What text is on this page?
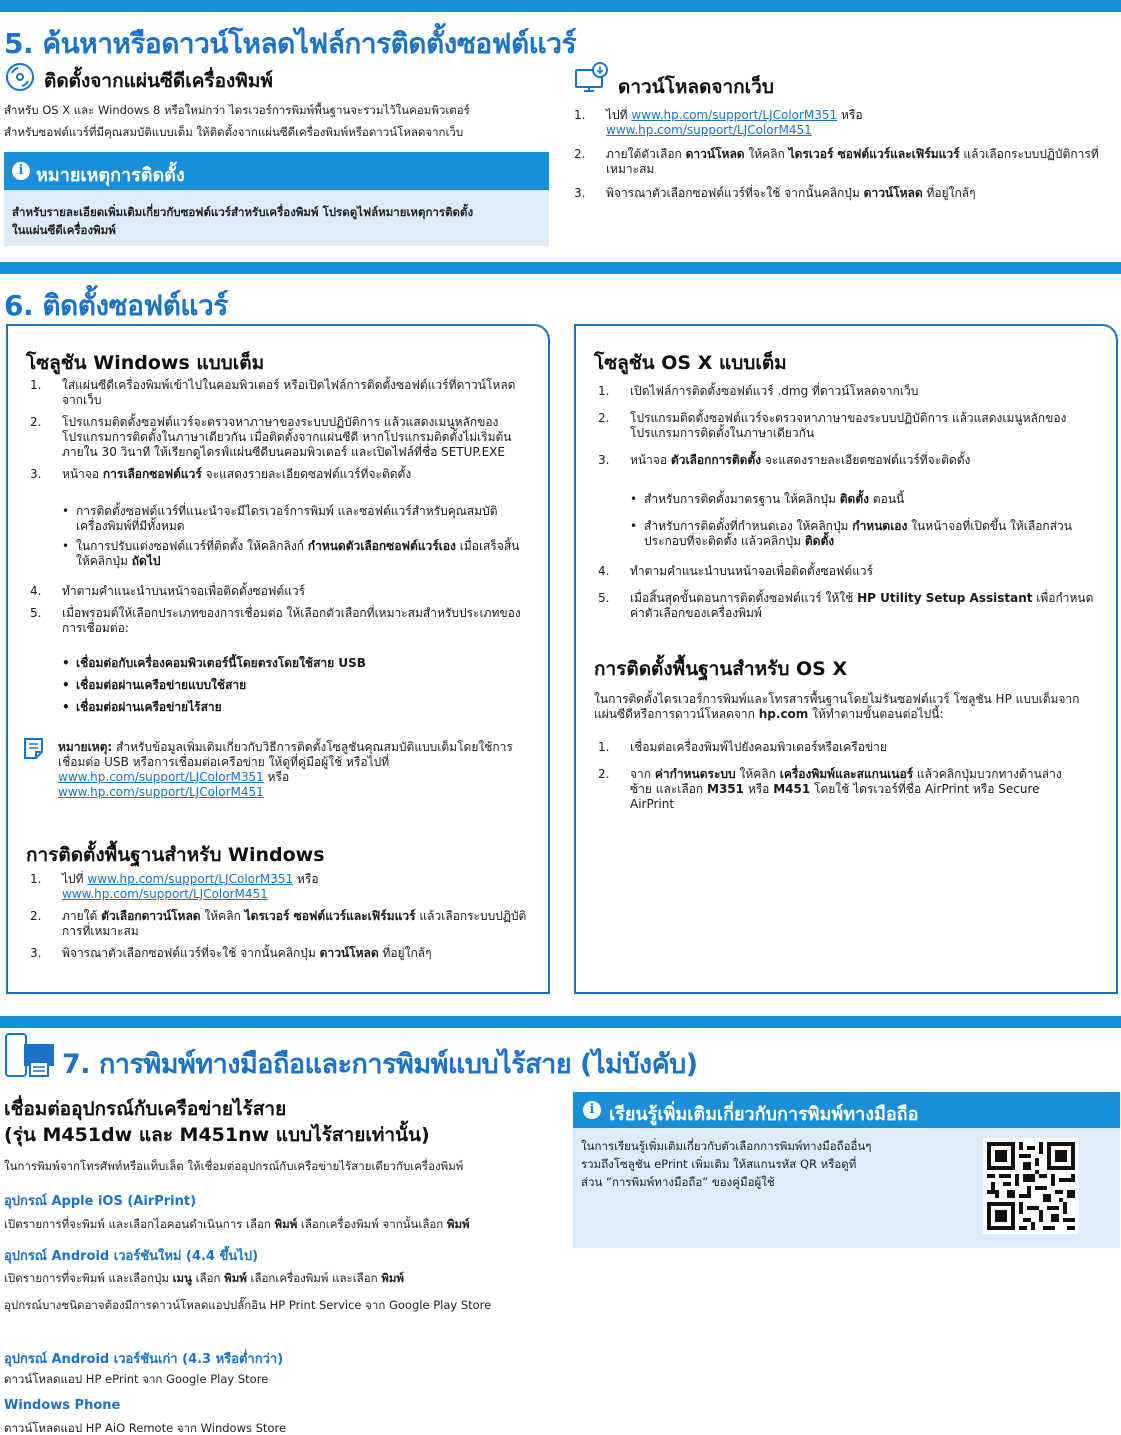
5. ค้นหาหรือดาวน์โหลดไฟล์การติดตั้งซอฟต์แวร์
ติดตั้งจากแผ่นซีดีเครื่องพิมพ์
สำหรับ OS X และ Windows 8 หรือใหม่กว่า ไดรเวอร์การพิมพ์พื้นฐานจะรวมไว้ในคอมพิวเตอร์
สำหรับซอฟต์แวร์ที่มีคุณสมบัติแบบเต็ม ให้ติดตั้งจากแผ่นซีดีเครื่องพิมพ์หรือดาวน์โหลดจากเว็บ
i หมายเหตุการติดตั้ง
สำหรับรายละเอียดเพิ่มเติมเกี่ยวกับซอฟต์แวร์สำหรับเครื่องพิมพ์ โปรดดูไฟล์หมายเหตุการติดตั้ง
ในแผ่นซีดีเครื่องพิมพ์
ดาวน์โหลดจากเว็บ
1. ไปที่ www.hp.com/support/LJColorM351 หรือ
www.hp.com/support/LJColorM451
2. ภายใต้ตัวเลือก ดาวน์โหลด ให้คลิก ไดรเวอร์ ซอฟต์แวร์และเฟิร์มแวร์ แล้วเลือกระบบปฏิบัติการที่เหมาะสม
3. พิจารณาตัวเลือกซอฟต์แวร์ที่จะใช้ จากนั้นคลิกปุ่ม ดาวน์โหลด ที่อยู่ใกล้ๆ
6. ติดตั้งซอฟต์แวร์
โซลูชัน Windows แบบเต็ม
1. ใส่แผ่นซีดีเครื่องพิมพ์เข้าไปในคอมพิวเตอร์ หรือเปิดไฟล์การติดตั้งซอฟต์แวร์ที่ดาวน์โหลดจากเว็บ
2. โปรแกรมติดตั้งซอฟต์แวร์จะตรวจหาภาษาของระบบปฏิบัติการ แล้วแสดงเมนูหลักของโปรแกรมการติดตั้งในภาษาเดียวกัน เมื่อติดตั้งจากแผ่นซีดี หากโปรแกรมติดตั้งไม่เริ่มต้นภายใน 30 วินาที ให้เรียกดูไดรฟ์แผ่นซีดีบนคอมพิวเตอร์ และเปิดไฟล์ที่ชื่อ SETUP.EXE
3. หน้าจอ การเลือกซอฟต์แวร์ จะแสดงรายละเอียดซอฟต์แวร์ที่จะติดตั้ง
• การติดตั้งซอฟต์แวร์ที่แนะนำจะมีไดรเวอร์การพิมพ์ และซอฟต์แวร์สำหรับคุณสมบัติเครื่องพิมพ์ที่มีทั้งหมด
• ในการปรับแต่งซอฟต์แวร์ที่ติดตั้ง ให้คลิกลิงก์ กำหนดตัวเลือกซอฟต์แวร์เอง เมื่อเสร็จสิ้น ให้คลิกปุ่ม ถัดไป
4. ทำตามคำแนะนำบนหน้าจอเพื่อติดตั้งซอฟต์แวร์
5. เมื่อพรอมต์ให้เลือกประเภทของการเชื่อมต่อ ให้เลือกตัวเลือกที่เหมาะสมสำหรับประเภทของการเชื่อมต่อ:
• เชื่อมต่อกับเครื่องคอมพิวเตอร์นี้โดยตรงโดยใช้สาย USB
• เชื่อมต่อผ่านเครือข่ายแบบใช้สาย
• เชื่อมต่อผ่านเครือข่ายไร้สาย
หมายเหตุ: สำหรับข้อมูลเพิ่มเติมเกี่ยวกับวิธีการติดตั้งโซลูชันคุณสมบัติแบบเต็มโดยใช้การเชื่อมต่อ USB หรือการเชื่อมต่อเครือข่าย ให้ดูที่คู่มือผู้ใช้ หรือไปที่
www.hp.com/support/LJColorM351 หรือ
www.hp.com/support/LJColorM451
การติดตั้งพื้นฐานสำหรับ Windows
1. ไปที่ www.hp.com/support/LJColorM351 หรือ
www.hp.com/support/LJColorM451
2. ภายใต้ ตัวเลือกดาวน์โหลด ให้คลิก ไดรเวอร์ ซอฟต์แวร์และเฟิร์มแวร์ แล้วเลือกระบบปฏิบัติการที่เหมาะสม
3. พิจารณาตัวเลือกซอฟต์แวร์ที่จะใช้ จากนั้นคลิกปุ่ม ดาวน์โหลด ที่อยู่ใกล้ๆ
โซลูชัน OS X แบบเต็ม
1. เปิดไฟล์การติดตั้งซอฟต์แวร์ .dmg ที่ดาวน์โหลดจากเว็บ
2. โปรแกรมติดตั้งซอฟต์แวร์จะตรวจหาภาษาของระบบปฏิบัติการ แล้วแสดงเมนูหลักของโปรแกรมการติดตั้งในภาษาเดียวกัน
3. หน้าจอ ตัวเลือกการติดตั้ง จะแสดงรายละเอียดซอฟต์แวร์ที่จะติดตั้ง
• สำหรับการติดตั้งมาตรฐาน ให้คลิกปุ่ม ติดตั้ง ตอนนี้
• สำหรับการติดตั้งที่กำหนดเอง ให้คลิกปุ่ม กำหนดเอง ในหน้าจอที่เปิดขึ้น ให้เลือกส่วนประกอบที่จะติดตั้ง แล้วคลิกปุ่ม ติดตั้ง
4. ทำตามคำแนะนำบนหน้าจอเพื่อติดตั้งซอฟต์แวร์
5. เมื่อสิ้นสุดขั้นตอนการติดตั้งซอฟต์แวร์ ให้ใช้ HP Utility Setup Assistant เพื่อกำหนดค่าตัวเลือกของเครื่องพิมพ์
การติดตั้งพื้นฐานสำหรับ OS X
ในการติดตั้งไดรเวอร์การพิมพ์และโทรสารพื้นฐานโดยไม่รันซอฟต์แวร์ โซลูชัน HP แบบเต็มจากแผ่นซีดีหรือการดาวน์โหลดจาก hp.com ให้ทำตามขั้นตอนต่อไปนี้:
1. เชื่อมต่อเครื่องพิมพ์ไปยังคอมพิวเตอร์หรือเครือข่าย
2. จาก ค่ากำหนดระบบ ให้คลิก เครื่องพิมพ์และสแกนเนอร์ แล้วคลิกปุ่มบวกทางด้านล่างซ้าย และเลือก M351 หรือ M451 โดยใช้ ไดรเวอร์ที่ชื่อ AirPrint หรือ Secure AirPrint
7. การพิมพ์ทางมือถือและการพิมพ์แบบไร้สาย (ไม่บังคับ)
เชื่อมต่ออุปกรณ์กับเครือข่ายไร้สาย
(รุ่น M451dw และ M451nw แบบไร้สายเท่านั้น)
ในการพิมพ์จากโทรศัพท์หรือแท็บเล็ต ให้เชื่อมต่ออุปกรณ์กับเครือข่ายไร้สายเดียวกับเครื่องพิมพ์
อุปกรณ์ Apple iOS (AirPrint)
เปิดรายการที่จะพิมพ์ และเลือกไอคอนดำเนินการ เลือก พิมพ์ เลือกเครื่องพิมพ์ จากนั้นเลือก พิมพ์
อุปกรณ์ Android เวอร์ชันใหม่ (4.4 ขึ้นไป)
เปิดรายการที่จะพิมพ์ และเลือกปุ่ม เมนู เลือก พิมพ์ เลือกเครื่องพิมพ์ และเลือก พิมพ์
อุปกรณ์บางชนิดอาจต้องมีการดาวน์โหลดแอปปลั๊กอิน HP Print Service จาก Google Play Store
อุปกรณ์ Android เวอร์ชันเก่า (4.3 หรือต่ำกว่า)
ดาวน์โหลดแอป HP ePrint จาก Google Play Store
Windows Phone
ดาวน์โหลดแอป HP AiO Remote จาก Windows Store
i เรียนรู้เพิ่มเติมเกี่ยวกับการพิมพ์ทางมือถือ
ในการเรียนรู้เพิ่มเติมเกี่ยวกับตัวเลือกการพิมพ์ทางมือถืออื่นๆ
รวมถึงโซลูชัน ePrint เพิ่มเติม ให้สแกนรหัส QR หรือดูที่
ส่วน “การพิมพ์ทางมือถือ” ของคู่มือผู้ใช้
